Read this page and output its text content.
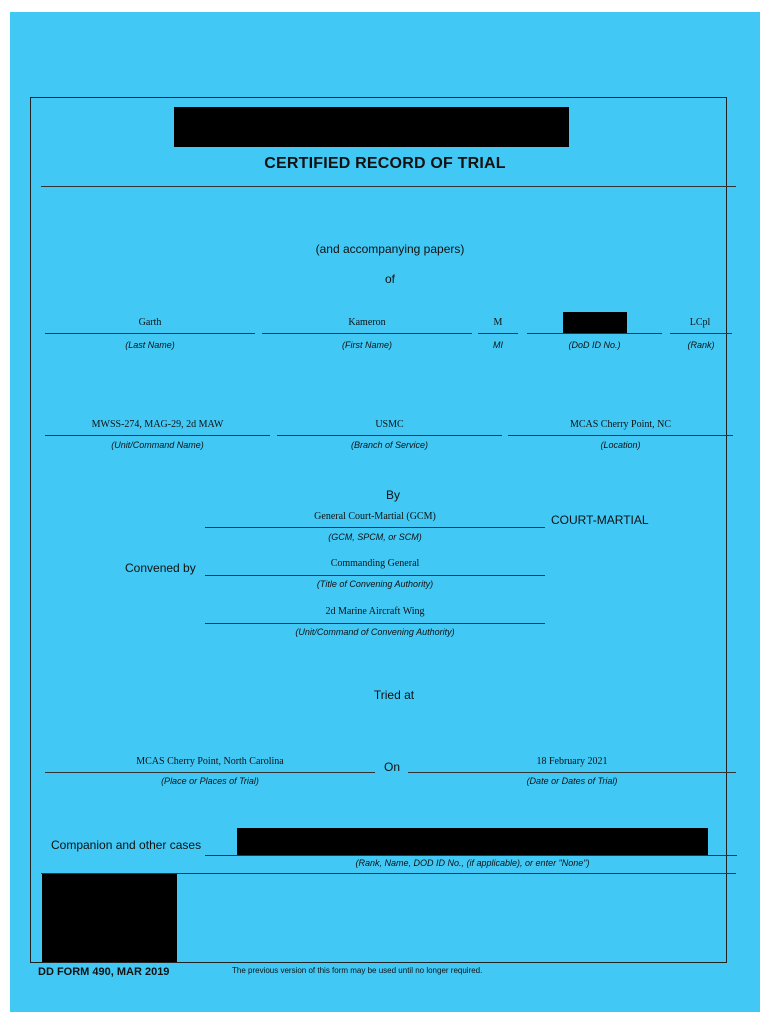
CERTIFIED RECORD OF TRIAL
(and accompanying papers)
of
Garth
(Last Name)
Kameron
(First Name)
M
MI	(DoD ID No.)
LCpl
(Rank)
MWSS-274, MAG-29, 2d MAW
(Unit/Command Name)
USMC
(Branch of Service)
MCAS Cherry Point, NC
(Location)
By
General Court-Martial (GCM)
(GCM, SPCM, or SCM)
COURT-MARTIAL
Convened by	Commanding General
(Title of Convening Authority)
2d Marine Aircraft Wing
(Unit/Command of Convening Authority)
Tried at
MCAS Cherry Point, North Carolina
(Place or Places of Trial)
On	18 February 2021
(Date or Dates of Trial)
Companion and other cases
(Rank, Name, DOD ID No., (if applicable), or enter "None")
DD FORM 490, MAR 2019	The previous version of this form may be used until no longer required.
